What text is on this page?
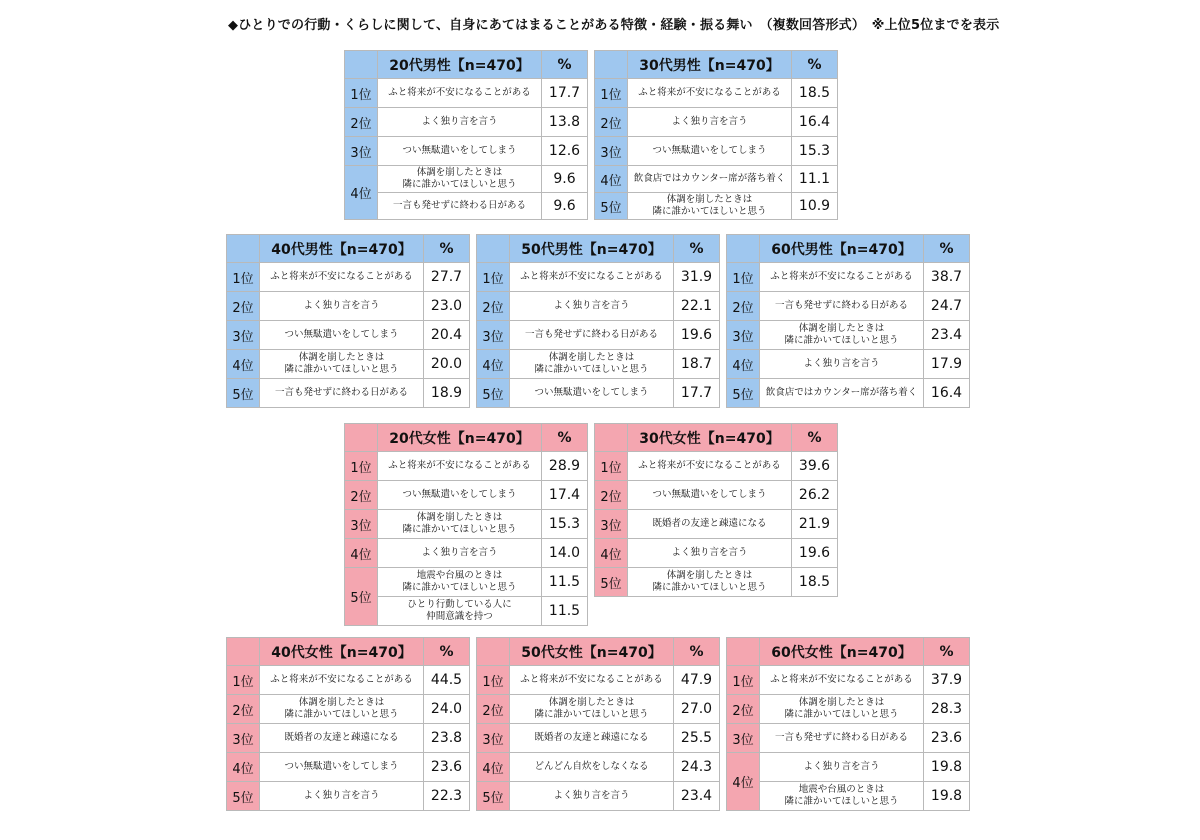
◆ひとりでの行動・くらしに関して、自身にあてはまることがある特徴・経験・振る舞い　（複数回答形式）　※上位5位までを表示
	20代男性【n=470】	%
1位	ふと将来が不安になることがある	17.7
2位	よく独り言を言う	13.8
3位	つい無駄遣いをしてしまう	12.6
4位	体調を崩したときは
隣に誰かいてほしいと思う	9.6
	一言も発せずに終わる日がある	9.6
	30代男性【n=470】	%
1位	ふと将来が不安になることがある	18.5
2位	よく独り言を言う	16.4
3位	つい無駄遣いをしてしまう	15.3
4位	飲食店ではカウンター席が落ち着く	11.1
5位	体調を崩したときは
隣に誰かいてほしいと思う	10.9
	40代男性【n=470】	%
1位	ふと将来が不安になることがある	27.7
2位	よく独り言を言う	23.0
3位	つい無駄遣いをしてしまう	20.4
4位	体調を崩したときは
隣に誰かいてほしいと思う	20.0
5位	一言も発せずに終わる日がある	18.9
	50代男性【n=470】	%
1位	ふと将来が不安になることがある	31.9
2位	よく独り言を言う	22.1
3位	一言も発せずに終わる日がある	19.6
4位	体調を崩したときは
隣に誰かいてほしいと思う	18.7
5位	つい無駄遣いをしてしまう	17.7
	60代男性【n=470】	%
1位	ふと将来が不安になることがある	38.7
2位	一言も発せずに終わる日がある	24.7
3位	体調を崩したときは
隣に誰かいてほしいと思う	23.4
4位	よく独り言を言う	17.9
5位	飲食店ではカウンター席が落ち着く	16.4
	20代女性【n=470】	%
1位	ふと将来が不安になることがある	28.9
2位	つい無駄遣いをしてしまう	17.4
3位	体調を崩したときは
隣に誰かいてほしいと思う	15.3
4位	よく独り言を言う	14.0
5位	地震や台風のときは
隣に誰かいてほしいと思う	11.5
	ひとり行動している人に
仲間意識を持つ	11.5
	30代女性【n=470】	%
1位	ふと将来が不安になることがある	39.6
2位	つい無駄遣いをしてしまう	26.2
3位	既婚者の友達と疎遠になる	21.9
4位	よく独り言を言う	19.6
5位	体調を崩したときは
隣に誰かいてほしいと思う	18.5
	40代女性【n=470】	%
1位	ふと将来が不安になることがある	44.5
2位	体調を崩したときは
隣に誰かいてほしいと思う	24.0
3位	既婚者の友達と疎遠になる	23.8
4位	つい無駄遣いをしてしまう	23.6
5位	よく独り言を言う	22.3
	50代女性【n=470】	%
1位	ふと将来が不安になることがある	47.9
2位	体調を崩したときは
隣に誰かいてほしいと思う	27.0
3位	既婚者の友達と疎遠になる	25.5
4位	どんどん自炊をしなくなる	24.3
5位	よく独り言を言う	23.4
	60代女性【n=470】	%
1位	ふと将来が不安になることがある	37.9
2位	体調を崩したときは
隣に誰かいてほしいと思う	28.3
3位	一言も発せずに終わる日がある	23.6
4位	よく独り言を言う	19.8
	地震や台風のときは
隣に誰かいてほしいと思う	19.8
